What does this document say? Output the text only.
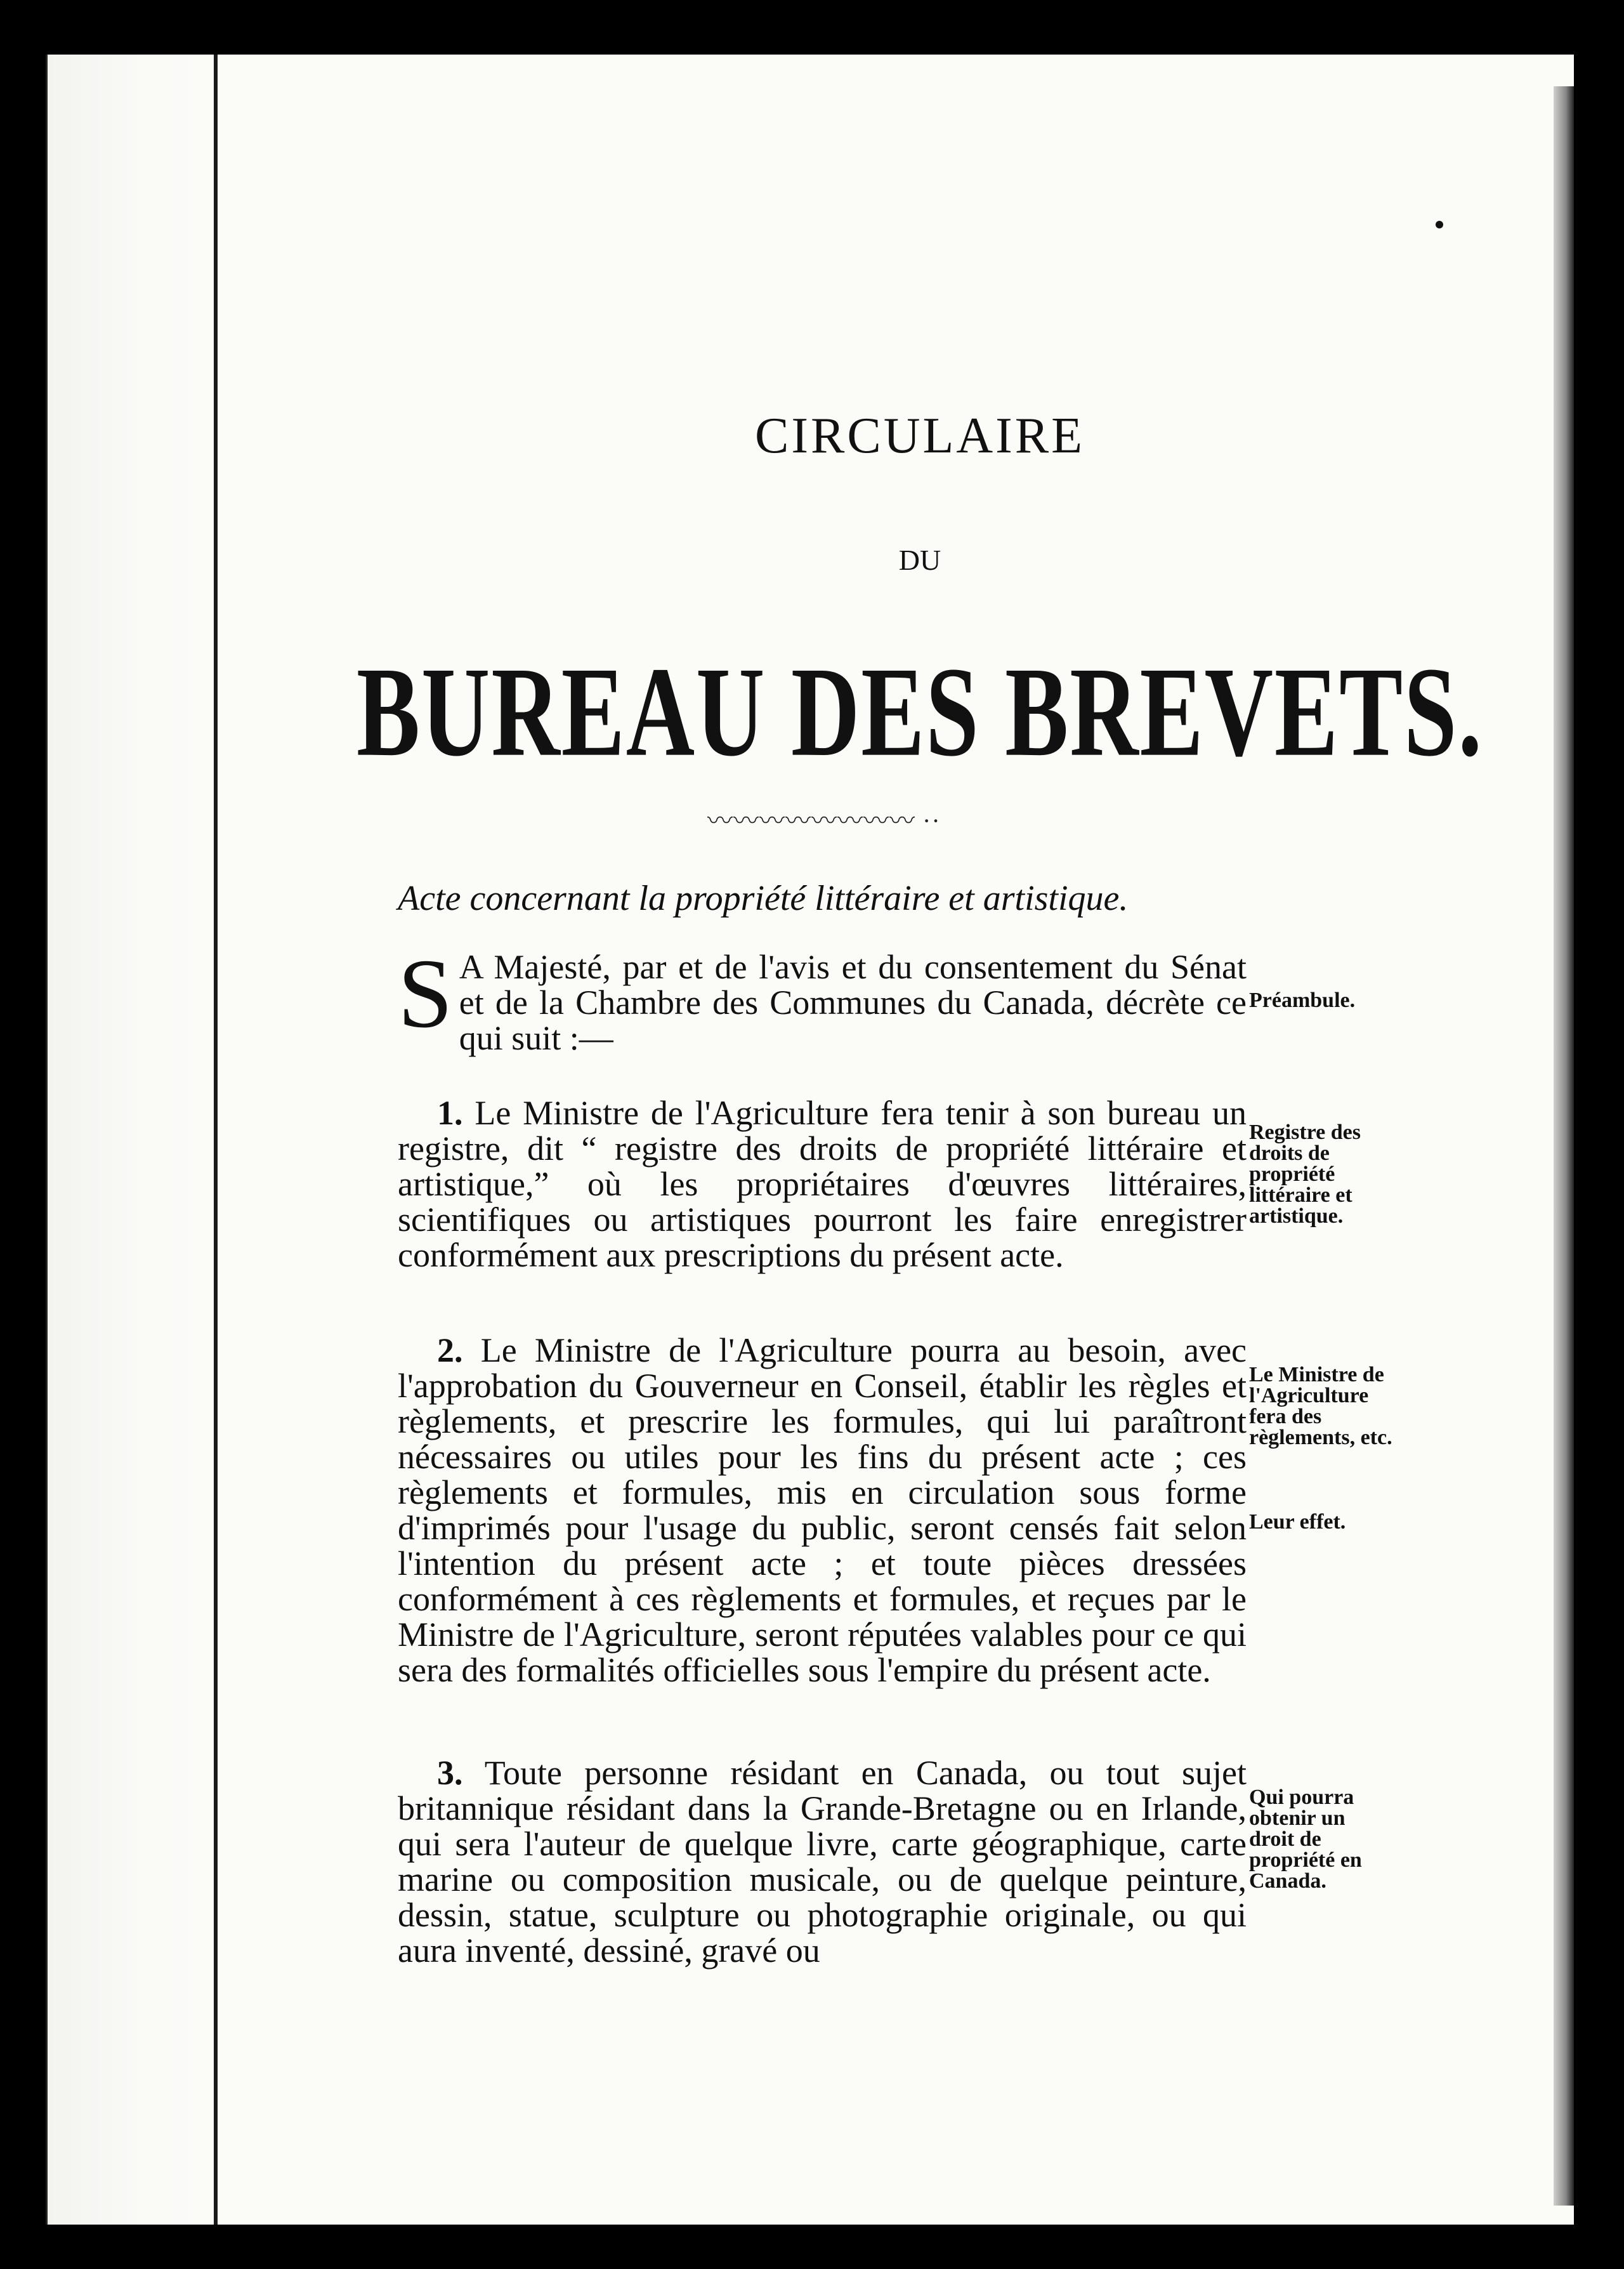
CIRCULAIRE
DU
BUREAU DES BREVETS.
〰〰〰〰〰〰〰〰 ··
Acte concernant la propriété littéraire et artistique.
S A Majesté, par et de l'avis et du consentement du Sénat et de la Chambre des Communes du Canada, décrète ce qui suit :—
1. Le Ministre de l'Agriculture fera tenir à son bureau un registre, dit “ registre des droits de propriété littéraire et artistique,” où les propriétaires d'œuvres littéraires, scientifiques ou artistiques pourront les faire enregistrer conformément aux prescriptions du présent acte.
2. Le Ministre de l'Agriculture pourra au besoin, avec l'approbation du Gouverneur en Conseil, établir les règles et règlements, et prescrire les formules, qui lui paraîtront nécessaires ou utiles pour les fins du présent acte ; ces règlements et formules, mis en circulation sous forme d'imprimés pour l'usage du public, seront censés fait selon l'intention du présent acte ; et toute pièces dressées conformément à ces règlements et formules, et reçues par le Ministre de l'Agriculture, seront réputées valables pour ce qui sera des formalités officielles sous l'empire du présent acte.
3. Toute personne résidant en Canada, ou tout sujet britannique résidant dans la Grande-Bretagne ou en Irlande, qui sera l'auteur de quelque livre, carte géographique, carte marine ou composition musicale, ou de quelque peinture, dessin, statue, sculpture ou photographie originale, ou qui aura inventé, dessiné, gravé ou
Préambule.
Registre des droits de propriété littéraire et artistique.
Le Ministre de l'Agriculture fera des règlements, etc.
Leur effet.
Qui pourra obtenir un droit de propriété en Canada.
